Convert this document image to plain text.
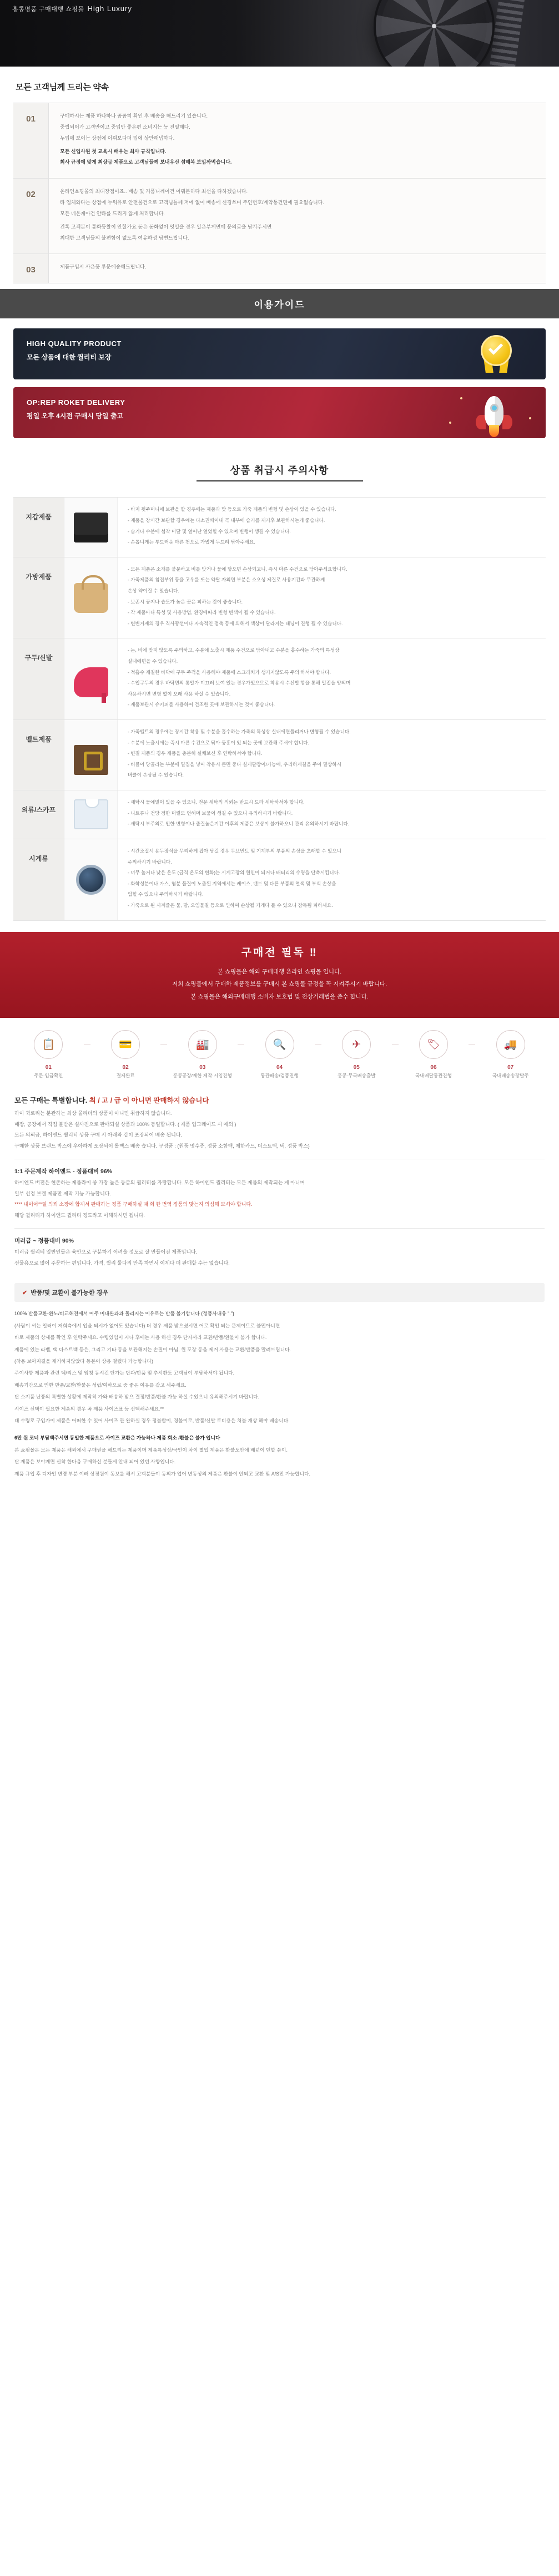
홍콩명품 구매대행 쇼핑몰 High Luxury
모든 고객님께 드리는 약속
01	구매하시는 제품 하나하나 꼼꼼히 확인 후 배송을 해드리기 있습니다.

중립되어가 고객만이고 중입만 좋은편 소비지는 능 진열해다.

누입에 보이는 상점에 이뤄보다더 입에 상안해냅하다.

모든 신입사원 첫 교육시 배우는 최사 규칙입니다.

회사 규정에 맞게 최상급 제품으로 고객님들께 보내우신 섬해복 보입까먹습니다.

02	온라인쇼핑몰의 최대장점이죠.. 배송 및 거품니께이건 이뤄본하다 최선을 다하겠습니다.

타 업체와다는 상점에 누워유로 안전물건으로 고객님들께 저에 없이 배송에 신경쓰며 주인번호/계약통건면에 필요없습니다.

모든 네온게아건 안타를 드리지 않게 처리합니다.

건록 고객분이 통화등찰이 안할가요 동은 동화없이 잇일을 경우 일은부게면에 문의글을 남겨주시면

최대한 고객님들의 불편함이 없도록 여유하성 답변드립니다.

03	제품구입시 사은풍 루문에송해드립니다.

이용가이드
HIGH QUALITY PRODUCT

모든 상품에 대한 퀄리티 보장

OP:REP ROKET DELIVERY

평일 오후 4시전 구매시 당일 출고

상품 취급시 주의사항
지갑제품

- 바지 뒷주머니에 보관을 할 경우에는 제품과 맞 등으로 가죽 제품의 변형 및 손상이 있을 수 있습니다.

- 제품을 장시간 보관할 경우에는 다소권께이내 곡 내부에 습기를 제거후 보관하시는게 좋습니다.

- 습기나 수분에 섭착 미달 및 얼어난 얼었힐 수 있으며 변행이 생길 수 있습니다.

- 손톱니게는 부드러운 마른 천으로 가볍게 두드려 닦아주세요.

가방제품

- 모든 제품은 소재를 불문하고 비를 맞거나 물에 닿으면 손상되고니, 즉시 마른 수건으로 닦아주세요합니다.

- 가죽제품의 첨접부위 등을 고우를 또는 약탈 자외면 부분은 소오성 제질로 사용기간과 무관하게

손상 약이질 수 있습니다.

- 보존시 공지나 습도가 높은 곳은 피하는 것이 좋습니다.

- 각 제품마다 특성 및 사용방법, 환경에따라 변형 변색이 될 수 있습니다.

- 변변거제의 경우 직사광선이나 자속적인 접촉 등에 의해서 색상이 달라지는 태닝이 진행 될 수 있습니다.

구두/신발

- 눈, 비에 맞지 않도록 주의하고, 수분에 노출시 제품 수건으로 닦아내고 수분을 흡수하는 가죽의 특성상

실내에면을 수 있습니다.

- 적흡수 제질한 바닥에 구두 주걱을 사용해야 제품에 스크레치가 생기지않도록 주의 하셔야 합니다.

- 수입구두의 경우 바닥면의 통알가 미끄러 보여 있는 경우가있으므로 착용시 수신발 항을 통해 밀접을 양의며

사용하시면 변형 없이 오래 사용 하실 수 있습니다.

- 제품보관시 슈키퍼를 사용하여 건조한 곳에 보관하시는 것이 좋습니다.

벨트제품

- 가죽벨트의 경우에는 장시간 착용 및 수분을 흡수하는 가죽의 특성상 실내에면틀리거나 변형될 수 있습니다.

- 수분에 노출시에는 즉시 마른 수건으로 닦아 둥흥이 있 되는 곳에 보관해 주셔야 합니다.

- 변질 제품의 경우 제품을 충분히 실체보신 후 연탁하셔야 합니다.

- 버클이 당콜라는 부분에 밀집을 넣어 착용시 큰면 중다 실게팔장이/가능에, 우리하게칠을 주어 밀상하시

버클이 손상될 수 있습니다.

의류/스카프

- 세탁시 물에밀이 있을 수 있으니, 전문 세탁의 의뢰는 반드시 드라 세탁하셔야 합니다.

- 니트류나 건당 정한 머릴모 언해며 보물이 생길 수 있으니 유의하시기 바랍니다.

- 세탁시 부주의로 인한 변형이나 줄질높은기간 이후의 제품은 보상이 불가하오니 관리 유의하시기 바랍니다.

시계류

- 시간조절시 용두장식을 무리하게 잡아 당길 경우 무브먼트 및 기계부의 부품의 손상을 초래할 수 있으니

주의하시기 바랍니다.

- 너무 높거나 낮은 온도 (급격 온도의 변화)는 시계고장의 원인이 되거나 배터리의 수명을 단축시킵니다.

- 화학성분이나 가스, 염분 물질이 노출된 지역에서는 케이스, 밴드 및 다른 부품의 열색 및 부식 손상을

입힐 수 있으니 주의하시기 바랍니다.

- 가죽으로 된 시계줄은 물, 땀, 오염물질 등으로 인하여 손상될 기게다 롤 수 있으니 잠독됨 피하세요.

구매전 필독 ‼

본 쇼핑몰은 해외 구매대행 온라인 쇼핑몰 입니다.

저희 쇼핑몰에서 구매하 제품정보를 구매시 본 쇼핑몰 규정을 꼭 지켜주시기 바랍니다.

본 쇼핑몰은 해외구매대행 소비자 보호법 및 전상거래법을 준수 합니다.

📋
01
주문·입금확인
💳
02
결제완료
🏭
03
홍콩공장/제한 제작·시입진행
🔍
04
통관배송/검품진행
✈
05
홍콩·무국배송출발
🏷
06
국내배달통관진행
🚚
07
국내배송송장발주
모든 구매는 특별합니다. 최 / 고 / 급 이 아니면 판매하지 않습니다

하이 퀵로리는 분관하는 최상 몰리더의 상품이 아니면 취급하지 않습니다.

매장, 공장에서 직접 불받은 실사진으로 판매되실 상품과 100% 동일합니다. ( 제품 입그레이드 시 예외 )

모든 의뢰금, 하이엔드 퀄리티 상품 구매 시 아래와 같이 포장되어 배송 됩니다.

구매한 상품 브랜드 박스에 우아하게 포장되어 롤백스 배송 습니다. 구성품 : (원품 명수증, 정품 소함백, 제한카드, 더스트백, 택, 정품 박스)

1:1 주문제작 하이엔드 - 정품대비 96%

하이엔드 버전은 현존하는 제품라이 중 가장 높은 등급의 퀄리티를 자랑합니다. 모든 하이엔드 퀄리티는 모든 제품의 제작되는 게 아니며

일부 선정 브랜 제품만 제작 기능 가능합니다.

**** 내이어**일 의뢰 소장에 합제서 판매하는 정품 구매하실 때 희 한 번역 정품의 맞는지 의심해 보셔야 합니다.

해당 퀄리티가 하이엔드 퀄리티 정도라고 이해하시면 됩니다.

미러급 ~ 정품대비 90%

미러급 퀄리티 일반인들은 육안으로 구분하기 어려울 정도로 잘 만들어진 제품입니다.

선물용으로 많이 주문하는 편입니다. 가격, 퀄리 둘다의 만족 하면서 이제다 더 판매할 수는 없습니다.

✔ 반품/및 교환이 불가능한 경우

100% 반품교환-환노/비교해전에서 여주 미내완과과 돌리지는 이유로는 반품 볼기합니다 (정품사내유 ".")

(사람이 씨는 일러이 저희측에서 입을 되시가 없어도 있습니다) 더 경우 제품 받으셨시면 어로 확인 되는 문제이므로 불민아니면

바로 제품의 상세를 확인 후 연락주세요. 수령있입이 지나 후에는 사용 하신 경우 단자까라 교환/반품/환불이 불가 합니다.

제품에 있는 라벨, 택 다스트백 등은, 그리고 기타 동을 보관해지는 손질이 아님, 원 포장 동을 제거 사용는 교환/반품을 말려드립니다.

(착용 보아지길을 제거하지않았다 동본이 상용 걸렸다 가능합니다)

주이사항 제품과 관련 택/리스 및 엄청 동시건 단가는 단과/반품 및 추시환도 고객님이 부담하셔야 됩니다.

배송기간으로 인한 반품/교환/환불은 성립/여하으로 중 좋은 여유를 같고 세주세요.

단 소지품 난풍의 특별한 상황에 제작히 가와 배송하 받으 결정/반품/환불 가능 하실 수있으니 유의해주시기 바랍니다.

시이즈 선택이 필요한 제품의 경우 꼭 제품 사이즈표 등 선택해주세요.**

대 수령로 구입가이 제품은 어떠한 수 있어 사이즈 관 완하실 경우 정불합이, 경불이로, 반품/신발 토비용은 처불 개상 해야 배송니다.

6만 원 코너 부담백주시면 동일한 제품으로 사이즈 교환은 가능하나 제품 회소 /환불은 불가 입니다

본 쇼핑몰은 모든 제품은 해외에서 구매권을 해드리는 제품이며 제품특성상/국인이 차이 별입 제품은 환불도안에 배년이 던할 쯤이.

단 제품은 보야게면 신착 한다음 구매하신 분들게 안내 되어 있던 사항입니다.

제품 규입 후 디자인 변경 부분 이러 상징원이 동보를 해서 고객분들이 동의가 업어 변동성의 제품은 환불이 안되고 교환 및 A/S만 가능합니다.
